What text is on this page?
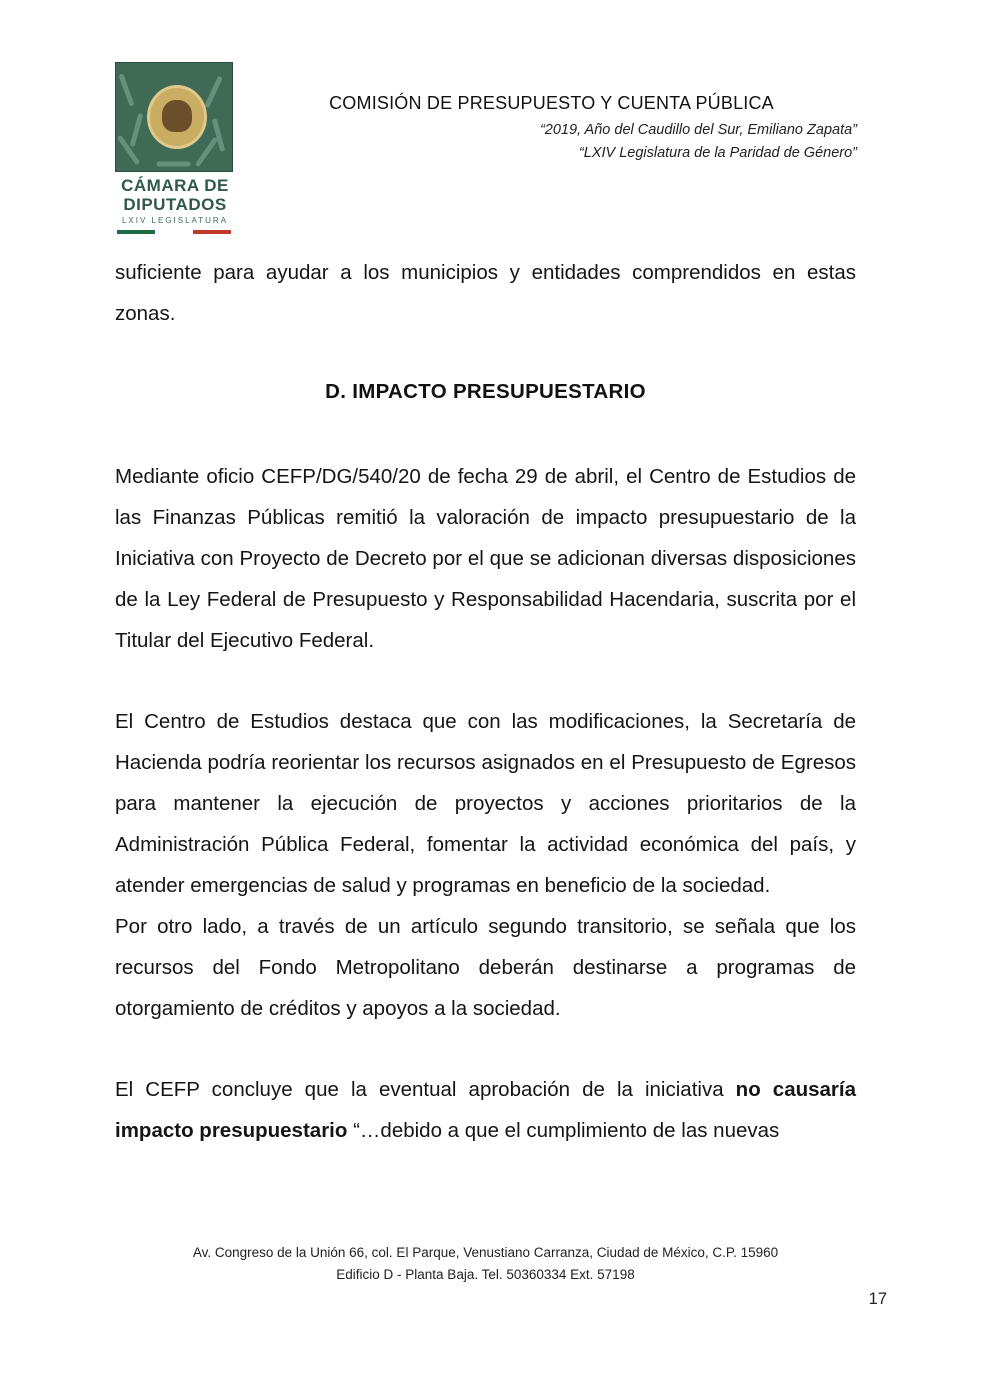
CÁMARA DE
DIPUTADOS
LXIV LEGISLATURA
COMISIÓN DE PRESUPUESTO Y CUENTA PÚBLICA
“2019, Año del Caudillo del Sur, Emiliano Zapata”
“LXIV Legislatura de la Paridad de Género”
suficiente para ayudar a los municipios y entidades comprendidos en estas zonas.
D. IMPACTO PRESUPUESTARIO
Mediante oficio CEFP/DG/540/20 de fecha 29 de abril, el Centro de Estudios de las Finanzas Públicas remitió la valoración de impacto presupuestario de la Iniciativa con Proyecto de Decreto por el que se adicionan diversas disposiciones de la Ley Federal de Presupuesto y Responsabilidad Hacendaria, suscrita por el Titular del Ejecutivo Federal.
El Centro de Estudios destaca que con las modificaciones, la Secretaría de Hacienda podría reorientar los recursos asignados en el Presupuesto de Egresos para mantener la ejecución de proyectos y acciones prioritarios de la Administración Pública Federal, fomentar la actividad económica del país, y atender emergencias de salud y programas en beneficio de la sociedad.
Por otro lado, a través de un artículo segundo transitorio, se señala que los recursos del Fondo Metropolitano deberán destinarse a programas de otorgamiento de créditos y apoyos a la sociedad.
El CEFP concluye que la eventual aprobación de la iniciativa no causaría impacto presupuestario “…debido a que el cumplimiento de las nuevas
Av. Congreso de la Unión 66, col. El Parque, Venustiano Carranza, Ciudad de México, C.P. 15960
Edificio D - Planta Baja. Tel. 50360334 Ext. 57198
17
